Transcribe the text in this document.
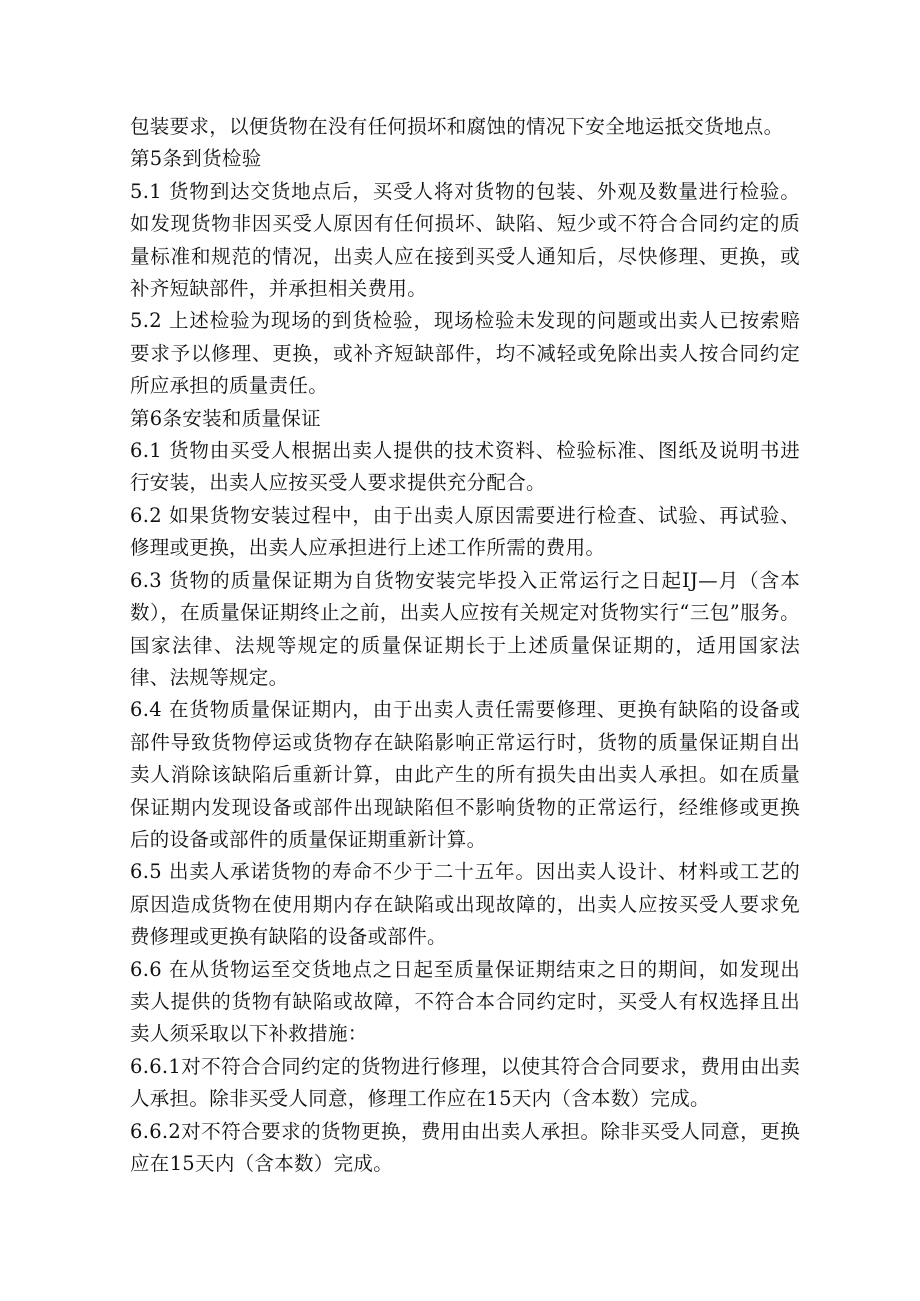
包装要求，以便货物在没有任何损坏和腐蚀的情况下安全地运抵交货地点。

第5条到货检验

5.1 货物到达交货地点后，买受人将对货物的包装、外观及数量进行检验。如发现货物非因买受人原因有任何损坏、缺陷、短少或不符合合同约定的质量标准和规范的情况，出卖人应在接到买受人通知后，尽快修理、更换，或补齐短缺部件，并承担相关费用。

5.2 上述检验为现场的到货检验，现场检验未发现的问题或出卖人已按索赔要求予以修理、更换，或补齐短缺部件，均不减轻或免除出卖人按合同约定所应承担的质量责任。

第6条安装和质量保证

6.1 货物由买受人根据出卖人提供的技术资料、检验标准、图纸及说明书进行安装，出卖人应按买受人要求提供充分配合。

6.2 如果货物安装过程中，由于出卖人原因需要进行检查、试验、再试验、修理或更换，出卖人应承担进行上述工作所需的费用。

6.3 货物的质量保证期为自货物安装完毕投入正常运行之日起IJ—月（含本数），在质量保证期终止之前，出卖人应按有关规定对货物实行“三包”服务。国家法律、法规等规定的质量保证期长于上述质量保证期的，适用国家法律、法规等规定。

6.4 在货物质量保证期内，由于出卖人责任需要修理、更换有缺陷的设备或部件导致货物停运或货物存在缺陷影响正常运行时，货物的质量保证期自出卖人消除该缺陷后重新计算，由此产生的所有损失由出卖人承担。如在质量保证期内发现设备或部件出现缺陷但不影响货物的正常运行，经维修或更换后的设备或部件的质量保证期重新计算。

6.5 出卖人承诺货物的寿命不少于二十五年。因出卖人设计、材料或工艺的原因造成货物在使用期内存在缺陷或出现故障的，出卖人应按买受人要求免费修理或更换有缺陷的设备或部件。

6.6 在从货物运至交货地点之日起至质量保证期结束之日的期间，如发现出卖人提供的货物有缺陷或故障，不符合本合同约定时，买受人有权选择且出卖人须采取以下补救措施：

6.6.1对不符合合同约定的货物进行修理，以使其符合合同要求，费用由出卖人承担。除非买受人同意，修理工作应在15天内（含本数）完成。

6.6.2对不符合要求的货物更换，费用由出卖人承担。除非买受人同意，更换应在15天内（含本数）完成。
